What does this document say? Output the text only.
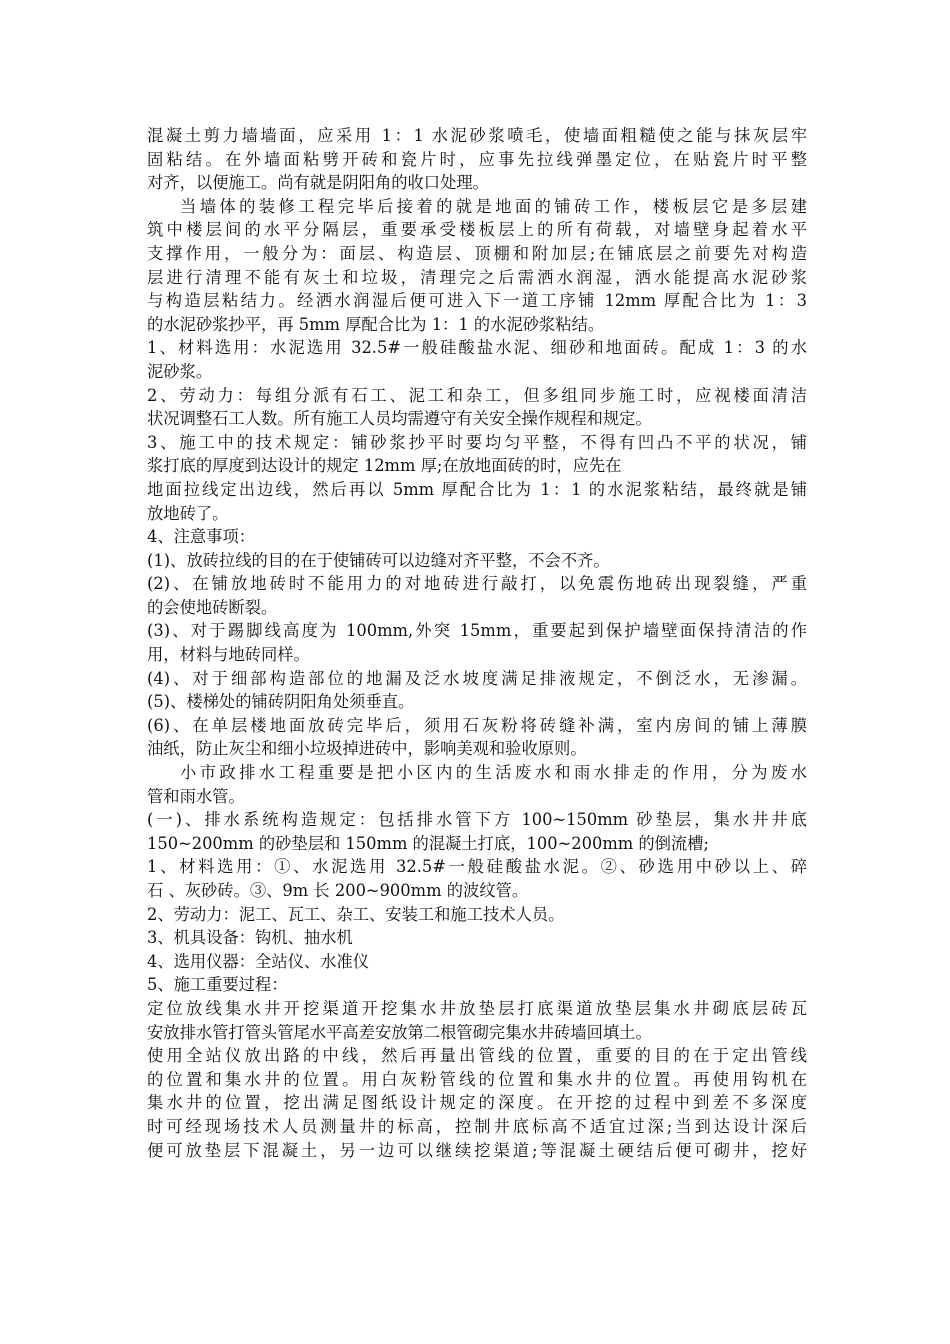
混凝土剪力墙墙面，应采用 1：1 水泥砂浆喷毛，使墙面粗糙使之能与抹灰层牢
固粘结。在外墙面粘劈开砖和瓷片时，应事先拉线弹墨定位，在贴瓷片时平整
对齐，以便施工。尚有就是阴阳角的收口处理。
当墙体的装修工程完毕后接着的就是地面的铺砖工作，楼板层它是多层建
筑中楼层间的水平分隔层，重要承受楼板层上的所有荷载，对墙壁身起着水平
支撑作用，一般分为：面层、构造层、顶棚和附加层;在铺底层之前要先对构造
层进行清理不能有灰土和垃圾，清理完之后需洒水润湿，洒水能提高水泥砂浆
与构造层粘结力。经洒水润湿后便可进入下一道工序铺 12mm 厚配合比为 1：3
的水泥砂浆抄平，再 5mm 厚配合比为 1：1 的水泥砂浆粘结。
1、材料选用：水泥选用 32.5#一般硅酸盐水泥、细砂和地面砖。配成 1：3 的水
泥砂浆。
2、劳动力：每组分派有石工、泥工和杂工，但多组同步施工时，应视楼面清洁
状况调整石工人数。所有施工人员均需遵守有关安全操作规程和规定。
3、施工中的技术规定：铺砂浆抄平时要均匀平整，不得有凹凸不平的状况，铺
浆打底的厚度到达设计的规定 12mm 厚;在放地面砖的时，应先在
地面拉线定出边线，然后再以 5mm 厚配合比为 1：1 的水泥浆粘结，最终就是铺
放地砖了。
4、注意事项：
(1)、放砖拉线的目的在于使铺砖可以边缝对齐平整，不会不齐。
(2)、在铺放地砖时不能用力的对地砖进行敲打，以免震伤地砖出现裂缝，严重
的会使地砖断裂。
(3)、对于踢脚线高度为 100mm,外突 15mm，重要起到保护墙壁面保持清洁的作
用，材料与地砖同样。
(4)、对于细部构造部位的地漏及泛水坡度满足排液规定，不倒泛水，无渗漏。
(5)、楼梯处的铺砖阴阳角处须垂直。
(6)、在单层楼地面放砖完毕后，须用石灰粉将砖缝补满，室内房间的铺上薄膜
油纸，防止灰尘和细小垃圾掉进砖中，影响美观和验收原则。
小市政排水工程重要是把小区内的生活废水和雨水排走的作用，分为废水
管和雨水管。
(一)、排水系统构造规定：包括排水管下方 100~150mm 砂垫层，集水井井底
150~200mm 的砂垫层和 150mm 的混凝土打底，100~200mm 的倒流槽;
1、材料选用：①、水泥选用 32.5#一般硅酸盐水泥。②、砂选用中砂以上、碎
石 、灰砂砖。③、9m 长 200~900mm 的波纹管。
2、劳动力：泥工、瓦工、杂工、安装工和施工技术人员。
3、机具设备：钩机、抽水机
4、选用仪器：全站仪、水准仪
5、施工重要过程：
定位放线集水井开挖渠道开挖集水井放垫层打底渠道放垫层集水井砌底层砖瓦
安放排水管打管头管尾水平高差安放第二根管砌完集水井砖墙回填土。
使用全站仪放出路的中线，然后再量出管线的位置，重要的目的在于定出管线
的位置和集水井的位置。用白灰粉管线的位置和集水井的位置。再使用钩机在
集水井的位置，挖出满足图纸设计规定的深度。在开挖的过程中到差不多深度
时可经现场技术人员测量井的标高，控制井底标高不适宜过深;当到达设计深后
便可放垫层下混凝土，另一边可以继续挖渠道;等混凝土硬结后便可砌井，挖好
